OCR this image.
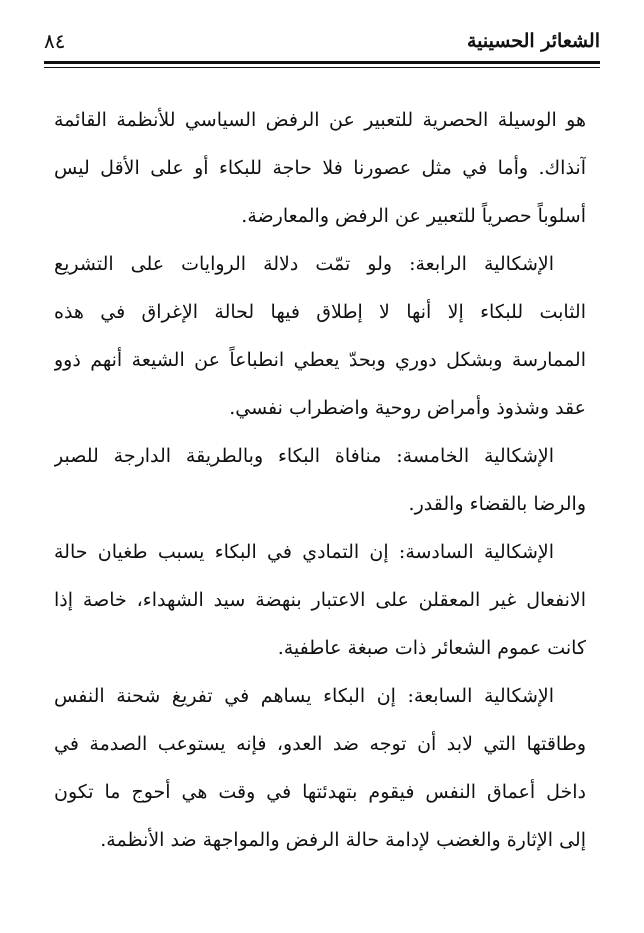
الشعائر الحسينية
٨٤
هو الوسيلة الحصرية للتعبير عن الرفض السياسي للأنظمة القائمة
آنذاك. وأما في مثل عصورنا فلا حاجة للبكاء أو على الأقل ليس
أسلوباً حصرياً للتعبير عن الرفض والمعارضة.
الإشكالية الرابعة: ولو تمّت دلالة الروايات على التشريع
الثابت للبكاء إلا أنها لا إطلاق فيها لحالة الإغراق في هذه
الممارسة وبشكل دوري وبحدّ يعطي انطباعاً عن الشيعة أنهم ذوو
عقد وشذوذ وأمراض روحية واضطراب نفسي.
الإشكالية الخامسة: منافاة البكاء وبالطريقة الدارجة للصبر
والرضا بالقضاء والقدر.
الإشكالية السادسة: إن التمادي في البكاء يسبب طغيان حالة
الانفعال غير المعقلن على الاعتبار بنهضة سيد الشهداء، خاصة إذا
كانت عموم الشعائر ذات صبغة عاطفية.
الإشكالية السابعة: إن البكاء يساهم في تفريغ شحنة النفس
وطاقتها التي لابد أن توجه ضد العدو، فإنه يستوعب الصدمة في
داخل أعماق النفس فيقوم بتهدئتها في وقت هي أحوج ما تكون
إلى الإثارة والغضب لإدامة حالة الرفض والمواجهة ضد الأنظمة.
